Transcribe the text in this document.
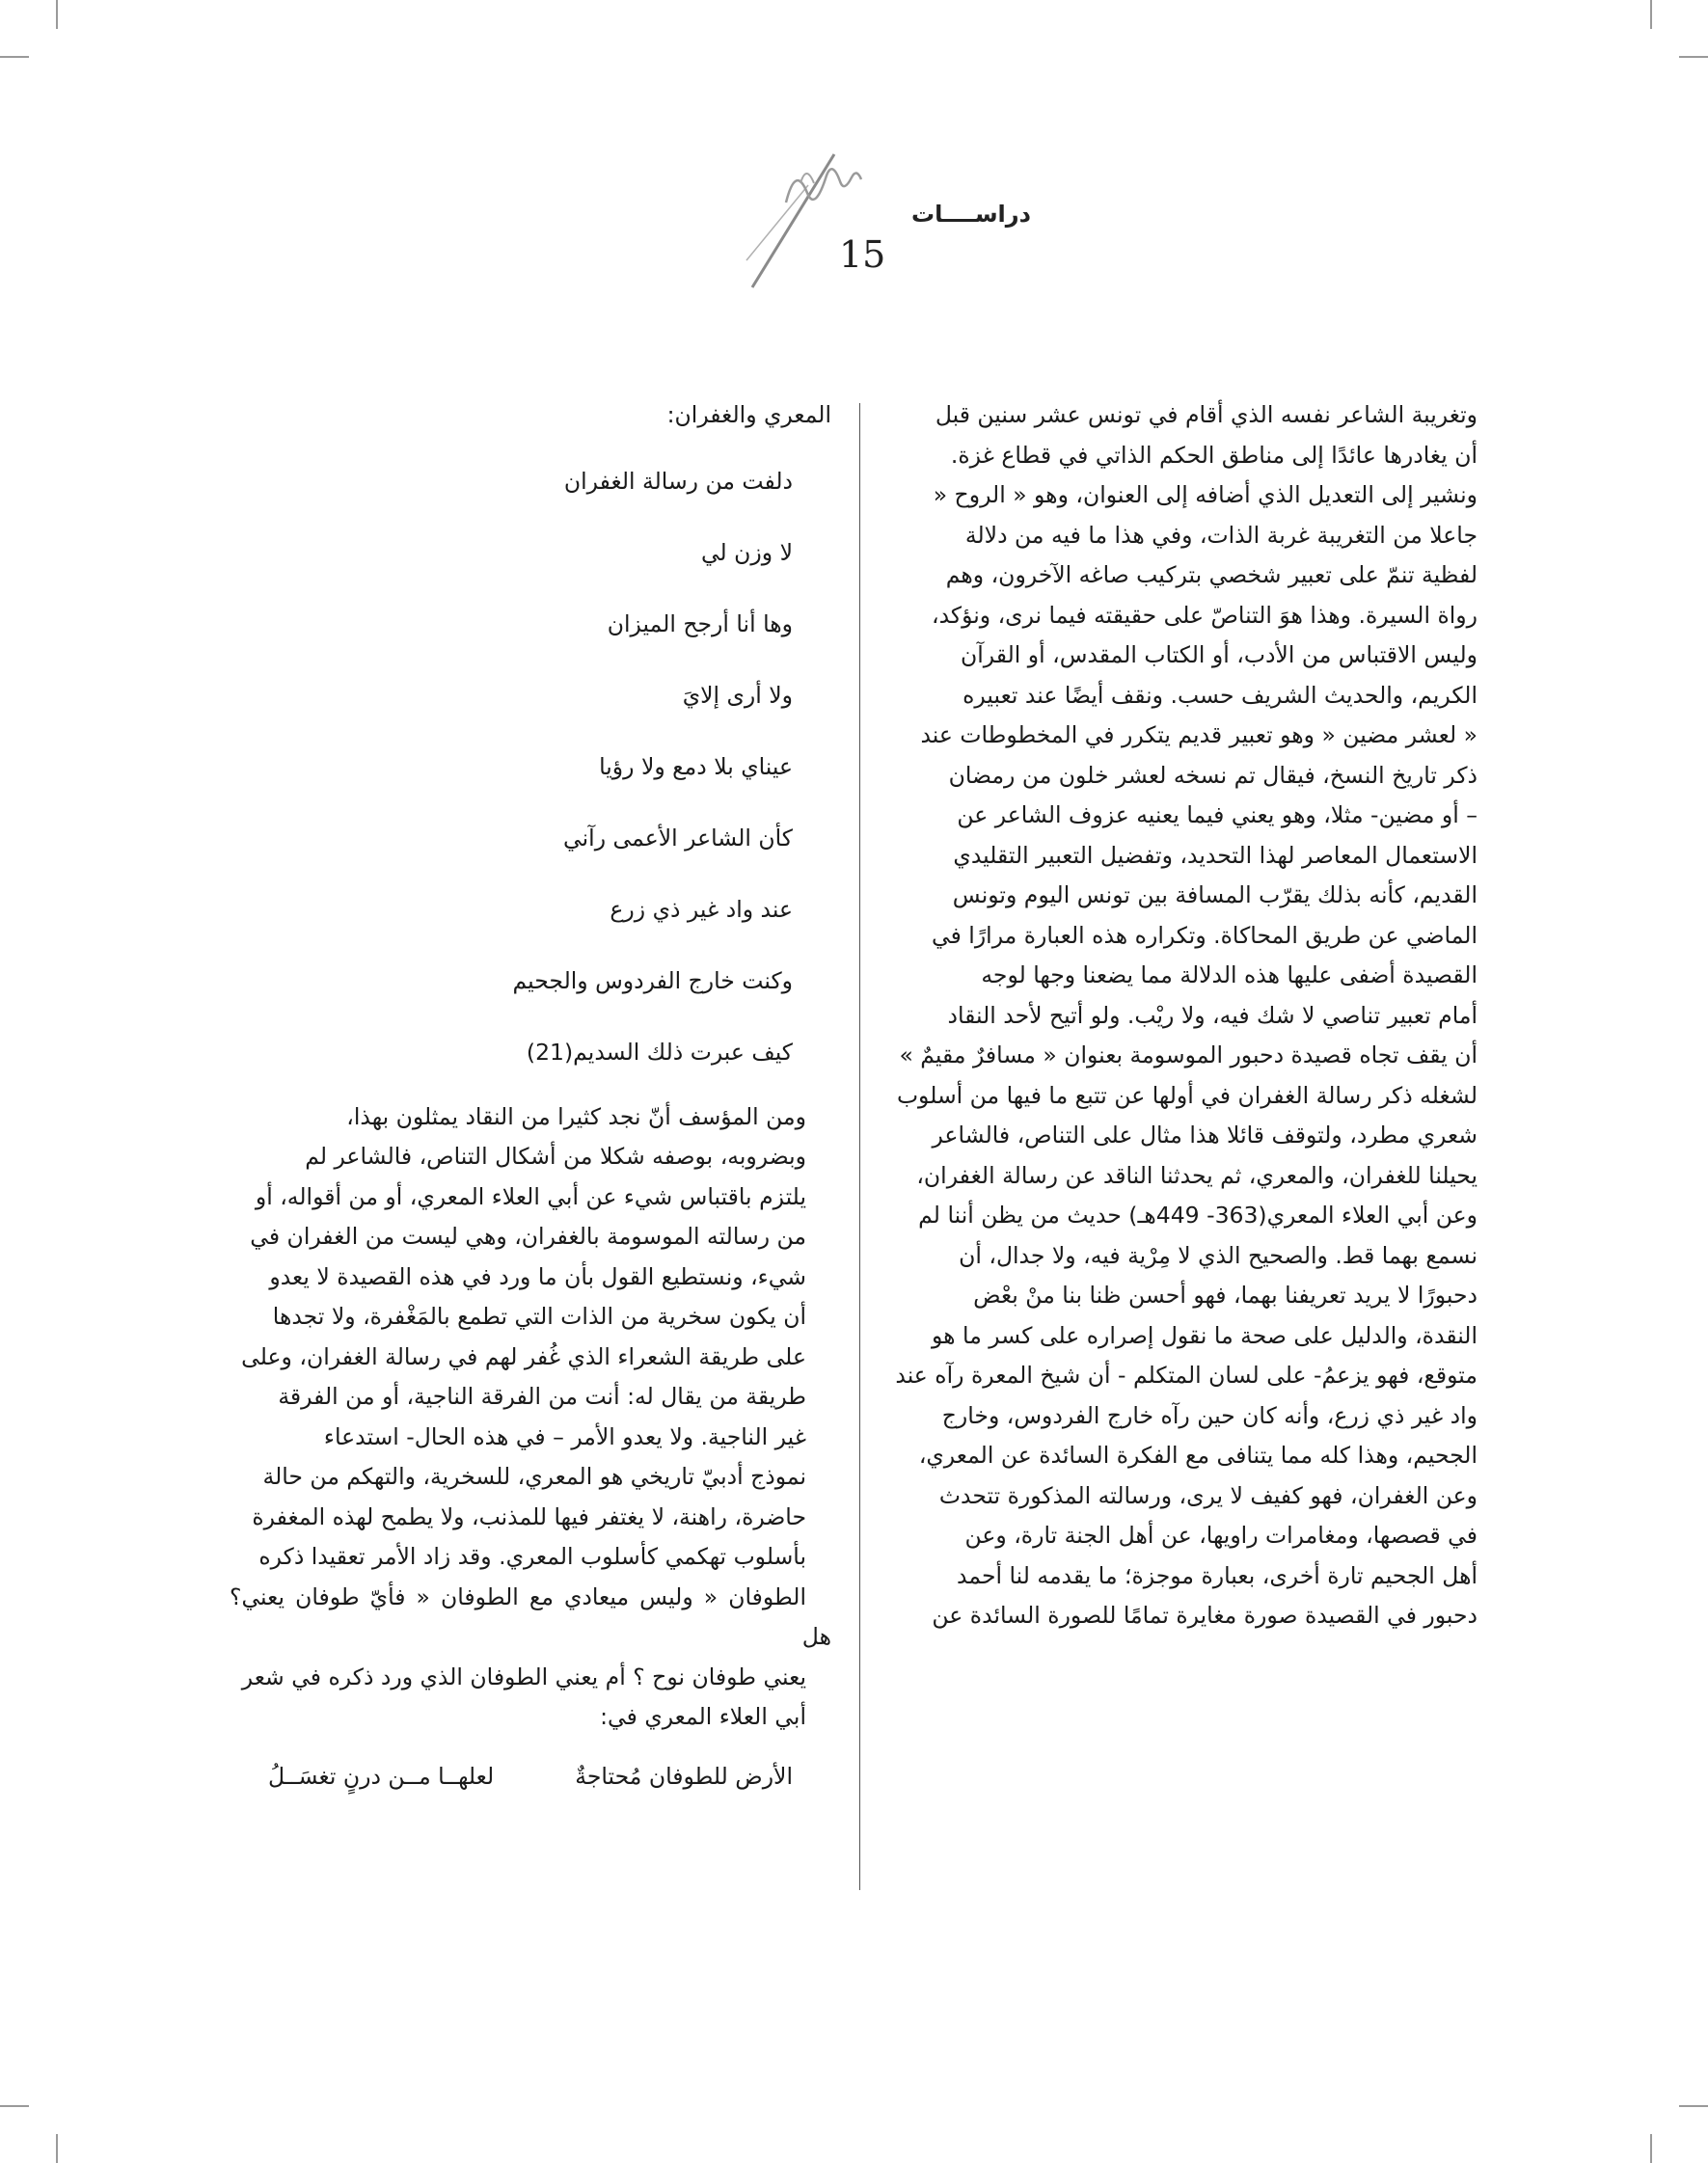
دراســــات
15
وتغريبة الشاعر نفسه الذي أقام في تونس عشر سنين قبل
أن يغادرها عائدًا إلى مناطق الحكم الذاتي في قطاع غزة.
ونشير إلى التعديل الذي أضافه إلى العنوان، وهو « الروح «
جاعلا من التغريبة غربة الذات، وفي هذا ما فيه من دلالة
لفظية تنمّ على تعبير شخصي بتركيب صاغه الآخرون، وهم
رواة السيرة. وهذا هوَ التناصّ على حقيقته فيما نرى، ونؤكد،
وليس الاقتباس من الأدب، أو الكتاب المقدس، أو القرآن
الكريم، والحديث الشريف حسب. ونقف أيضًا عند تعبيره
« لعشر مضين « وهو تعبير قديم يتكرر في المخطوطات عند
ذكر تاريخ النسخ، فيقال تم نسخه لعشر خلون من رمضان
– أو مضين- مثلا، وهو يعني فيما يعنيه عزوف الشاعر عن
الاستعمال المعاصر لهذا التحديد، وتفضيل التعبير التقليدي
القديم، كأنه بذلك يقرّب المسافة بين تونس اليوم وتونس
الماضي عن طريق المحاكاة. وتكراره هذه العبارة مرارًا في
القصيدة أضفى عليها هذه الدلالة مما يضعنا وجها لوجه
أمام تعبير تناصي لا شك فيه، ولا ريْب. ولو أتيح لأحد النقاد
أن يقف تجاه قصيدة دحبور الموسومة بعنوان « مسافرٌ مقيمٌ »
لشغله ذكر رسالة الغفران في أولها عن تتبع ما فيها من أسلوب
شعري مطرد، ولتوقف قائلا هذا مثال على التناص، فالشاعر
يحيلنا للغفران، والمعري، ثم يحدثنا الناقد عن رسالة الغفران،
وعن أبي العلاء المعري(363- 449هـ) حديث من يظن أننا لم
نسمع بهما قط. والصحيح الذي لا مِرْية فيه، ولا جدال، أن
دحبورًا لا يريد تعريفنا بهما، فهو أحسن ظنا بنا منْ بعْض
النقدة، والدليل على صحة ما نقول إصراره على كسر ما هو
متوقع، فهو يزعمُ- على لسان المتكلم - أن شيخ المعرة رآه عند
واد غير ذي زرع، وأنه كان حين رآه خارج الفردوس، وخارج
الجحيم، وهذا كله مما يتنافى مع الفكرة السائدة عن المعري،
وعن الغفران، فهو كفيف لا يرى، ورسالته المذكورة تتحدث
في قصصها، ومغامرات راويها، عن أهل الجنة تارة، وعن
أهل الجحيم تارة أخرى، بعبارة موجزة؛ ما يقدمه لنا أحمد
دحبور في القصيدة صورة مغايرة تمامًا للصورة السائدة عن
المعري والغفران:
دلفت من رسالة الغفران
لا وزن لي
وها أنا أرجح الميزان
ولا أرى إلايَ
عيناي بلا دمع ولا رؤيا
كأن الشاعر الأعمى رآني
عند واد غير ذي زرع
وكنت خارج الفردوس والجحيم
كيف عبرت ذلك السديم(21)
ومن المؤسف أنّ نجد كثيرا من النقاد يمثلون بهذا،
وبضروبه، بوصفه شكلا من أشكال التناص، فالشاعر لم
يلتزم باقتباس شيء عن أبي العلاء المعري، أو من أقواله، أو
من رسالته الموسومة بالغفران، وهي ليست من الغفران في
شيء، ونستطيع القول بأن ما ورد في هذه القصيدة لا يعدو
أن يكون سخرية من الذات التي تطمع بالمَغْفرة، ولا تجدها
على طريقة الشعراء الذي غُفر لهم في رسالة الغفران، وعلى
طريقة من يقال له: أنت من الفرقة الناجية، أو من الفرقة
غير الناجية. ولا يعدو الأمر – في هذه الحال- استدعاء
نموذج أدبيّ تاريخي هو المعري، للسخرية، والتهكم من حالة
حاضرة، راهنة، لا يغتفر فيها للمذنب، ولا يطمح لهذه المغفرة
بأسلوب تهكمي كأسلوب المعري. وقد زاد الأمر تعقيدا ذكره
الطوفان « وليس ميعادي مع الطوفان « فأيّ طوفان يعني؟ هل
يعني طوفان نوح ؟ أم يعني الطوفان الذي ورد ذكره في شعر
أبي العلاء المعري في:
الأرض للطوفان مُحتاجةٌ
لعلهــا مــن درنٍ تغسَــلُ
